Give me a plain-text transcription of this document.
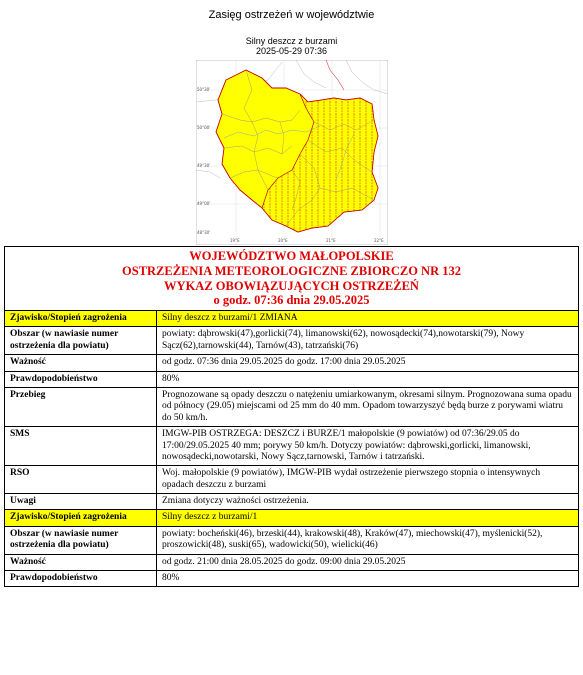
Zasięg ostrzeżeń w województwie
Silny deszcz z burzami
2025-05-29 07:36
50°30'
50°00'
49°30'
49°00'
48°30'
19°E	20°E	21°E	22°E
WOJEWÓDZTWO MAŁOPOLSKIE
OSTRZEŻENIA METEOROLOGICZNE ZBIORCZO NR 132
WYKAZ OBOWIĄZUJĄCYCH OSTRZEŻEŃ
o godz. 07:36 dnia 29.05.2025	

Zjawisko/Stopień zagrożenia	Silny deszcz z burzami/1 ZMIANA
Obszar (w nawiasie numer ostrzeżenia dla powiatu)	powiaty: dąbrowski(47),gorlicki(74), limanowski(62), nowosądecki(74),nowotarski(79), Nowy Sącz(62),tarnowski(44), Tarnów(43), tatrzański(76)
Ważność	od godz. 07:36 dnia 29.05.2025 do godz. 17:00 dnia 29.05.2025
Prawdopodobieństwo	80%
Przebieg	Prognozowane są opady deszczu o natężeniu umiarkowanym, okresami silnym. Prognozowana suma opadu od północy (29.05) miejscami od 25 mm do 40 mm. Opadom towarzyszyć będą burze z porywami wiatru do 50 km/h.
SMS	IMGW-PIB OSTRZEGA: DESZCZ i BURZE/1 małopolskie (9 powiatów) od 07:36/29.05 do 17:00/29.05.2025 40 mm; porywy 50 km/h. Dotyczy powiatów: dąbrowski,gorlicki, limanowski, nowosądecki,nowotarski, Nowy Sącz,tarnowski, Tarnów i tatrzański.
RSO	Woj. małopolskie (9 powiatów), IMGW-PIB wydał ostrzeżenie pierwszego stopnia o intensywnych opadach deszczu z burzami
Uwagi	Zmiana dotyczy ważności ostrzeżenia.
Zjawisko/Stopień zagrożenia	Silny deszcz z burzami/1
Obszar (w nawiasie numer ostrzeżenia dla powiatu)	powiaty: bocheński(46), brzeski(44), krakowski(48), Kraków(47), miechowski(47), myślenicki(52), proszowicki(48), suski(65), wadowicki(50), wielicki(46)
Ważność	od godz. 21:00 dnia 28.05.2025 do godz. 09:00 dnia 29.05.2025
Prawdopodobieństwo	80%
